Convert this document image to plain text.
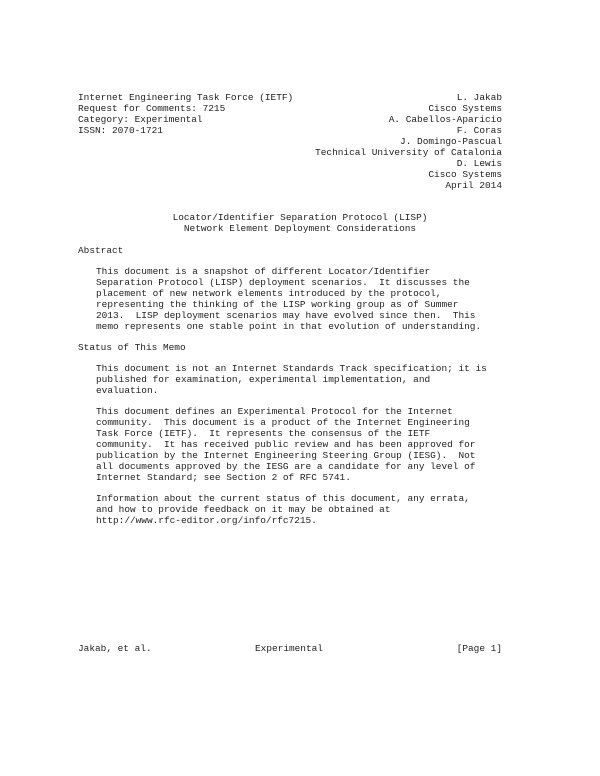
Internet Engineering Task Force (IETF)
Request for Comments: 7215
Category: Experimental
ISSN: 2070-1721
L. Jakab
Cisco Systems
A. Cabellos-Aparicio
F. Coras
J. Domingo-Pascual
Technical University of Catalonia
D. Lewis
Cisco Systems
April 2014
Locator/Identifier Separation Protocol (LISP)
Network Element Deployment Considerations
Abstract
This document is a snapshot of different Locator/Identifier
Separation Protocol (LISP) deployment scenarios.  It discusses the
placement of new network elements introduced by the protocol,
representing the thinking of the LISP working group as of Summer
2013.  LISP deployment scenarios may have evolved since then.  This
memo represents one stable point in that evolution of understanding.
Status of This Memo
This document is not an Internet Standards Track specification; it is
published for examination, experimental implementation, and
evaluation.
This document defines an Experimental Protocol for the Internet
community.  This document is a product of the Internet Engineering
Task Force (IETF).  It represents the consensus of the IETF
community.  It has received public review and has been approved for
publication by the Internet Engineering Steering Group (IESG).  Not
all documents approved by the IESG are a candidate for any level of
Internet Standard; see Section 2 of RFC 5741.
Information about the current status of this document, any errata,
and how to provide feedback on it may be obtained at
http://www.rfc-editor.org/info/rfc7215.
Jakab, et al.	Experimental	[Page 1]
